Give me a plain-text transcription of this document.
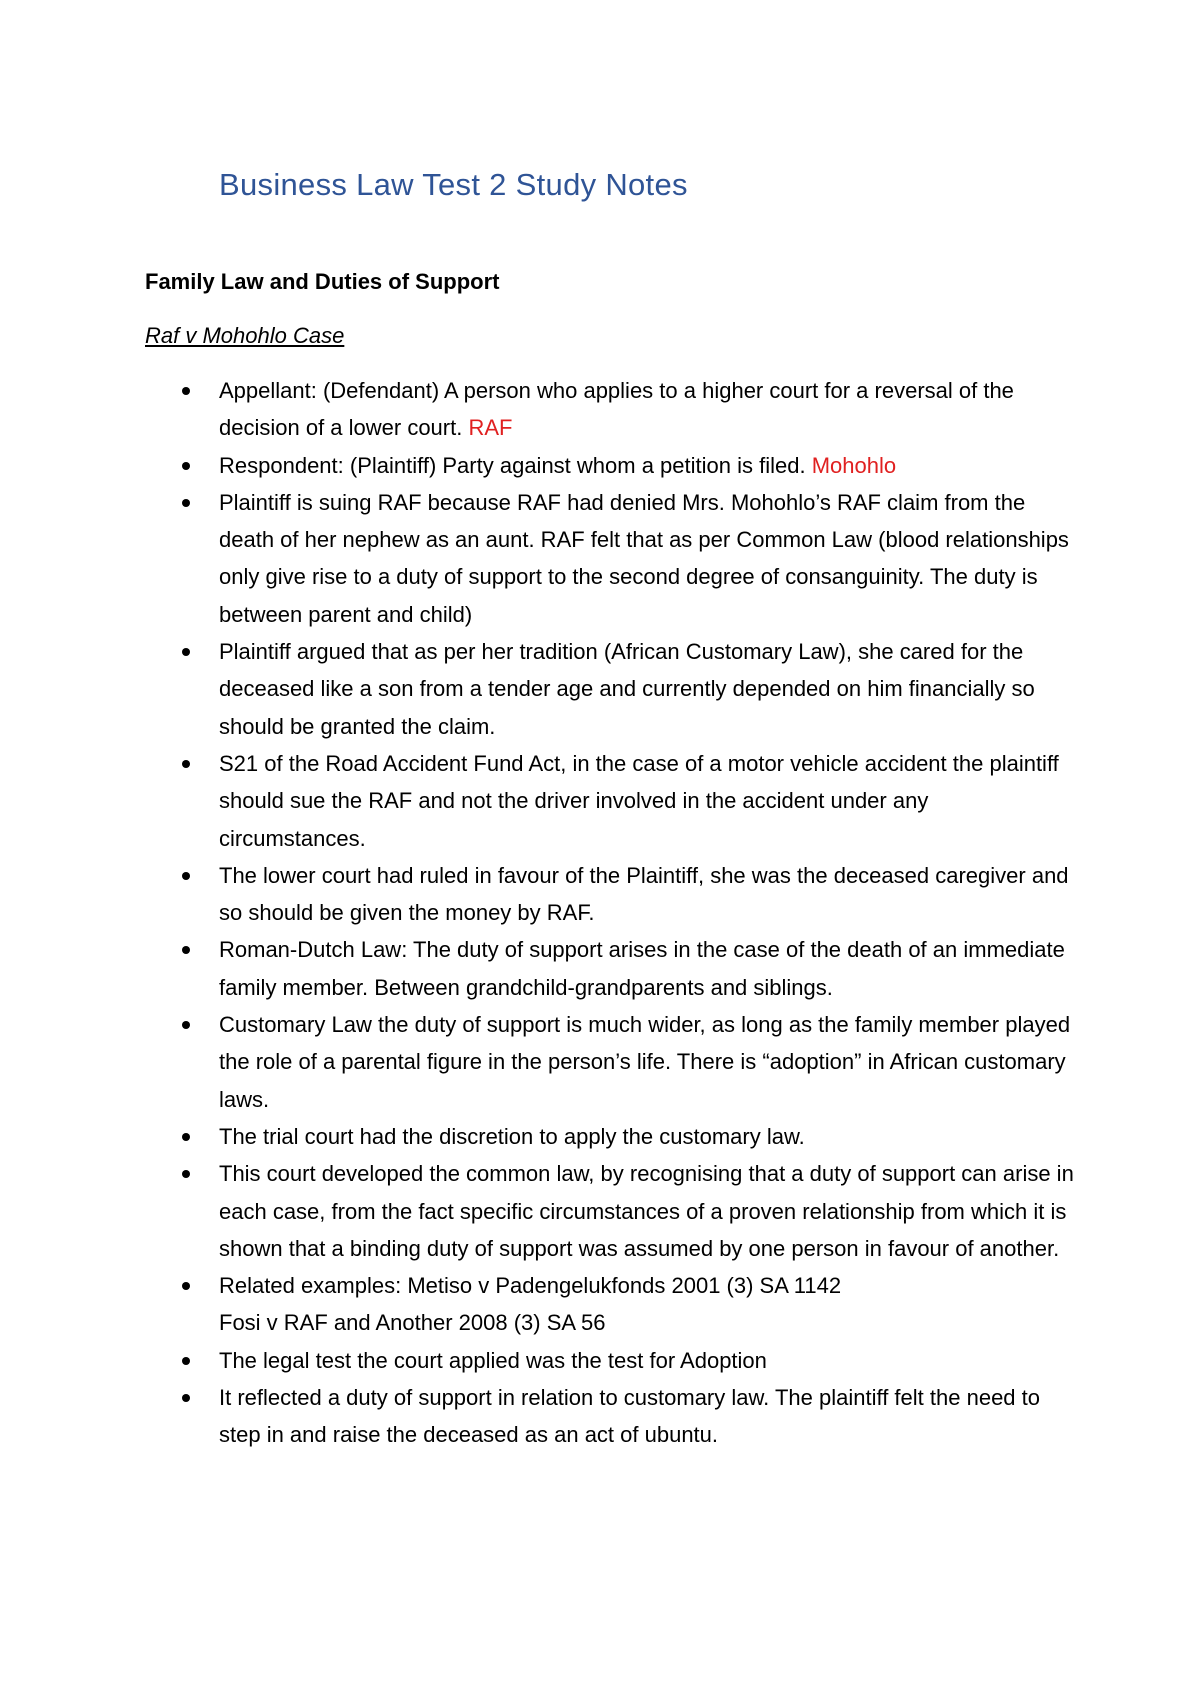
Business Law Test 2 Study Notes
Family Law and Duties of Support
Raf v Mohohlo Case
Appellant: (Defendant) A person who applies to a higher court for a reversal of the decision of a lower court. RAF
Respondent: (Plaintiff) Party against whom a petition is filed. Mohohlo
Plaintiff is suing RAF because RAF had denied Mrs. Mohohlo’s RAF claim from the death of her nephew as an aunt. RAF felt that as per Common Law (blood relationships only give rise to a duty of support to the second degree of consanguinity. The duty is between parent and child)
Plaintiff argued that as per her tradition (African Customary Law), she cared for the deceased like a son from a tender age and currently depended on him financially so should be granted the claim.
S21 of the Road Accident Fund Act, in the case of a motor vehicle accident the plaintiff should sue the RAF and not the driver involved in the accident under any circumstances.
The lower court had ruled in favour of the Plaintiff, she was the deceased caregiver and so should be given the money by RAF.
Roman-Dutch Law: The duty of support arises in the case of the death of an immediate family member. Between grandchild-grandparents and siblings.
Customary Law the duty of support is much wider, as long as the family member played the role of a parental figure in the person’s life. There is “adoption” in African customary laws.
The trial court had the discretion to apply the customary law.
This court developed the common law, by recognising that a duty of support can arise in each case, from the fact specific circumstances of a proven relationship from which it is shown that a binding duty of support was assumed by one person in favour of another.
Related examples: Metiso v Padengelukfonds 2001 (3) SA 1142
Fosi v RAF and Another 2008 (3) SA 56
The legal test the court applied was the test for Adoption
It reflected a duty of support in relation to customary law. The plaintiff felt the need to step in and raise the deceased as an act of ubuntu.
